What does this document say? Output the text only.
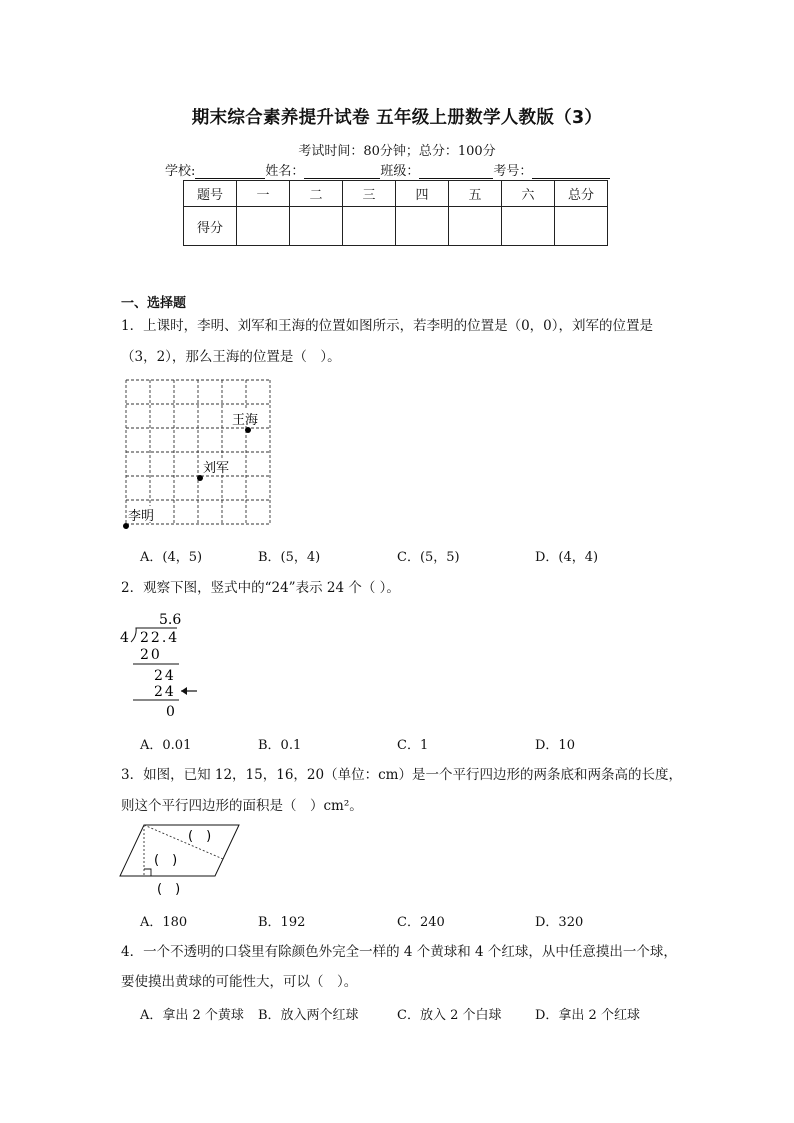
期末综合素养提升试卷 五年级上册数学人教版（3）
考试时间：80分钟；总分：100分
学校:	姓名：	班级：	考号：
题号	一	二	三	四	五	六	总分
得分							
一、选择题
1．上课时，李明、刘军和王海的位置如图所示，若李明的位置是（0，0），刘军的位置是
（3，2），那么王海的位置是（　）。
李明
刘军
王海
A．(4，5)	B．(5，4)	C．(5，5)	D．(4，4)
2．观察下图，竖式中的“24”表示 24 个（ ）。
5.6
4 22.4
20
24
24
0
A．0.01	B．0.1	C．1	D．10
3．如图，已知 12，15，16，20（单位：cm）是一个平行四边形的两条底和两条高的长度，
则这个平行四边形的面积是（　）cm²。
(　)
(　)
(　)
A．180	B．192	C．240	D．320
4．一个不透明的口袋里有除颜色外完全一样的 4 个黄球和 4 个红球，从中任意摸出一个球，
要使摸出黄球的可能性大，可以（　）。
A．拿出 2 个黄球 B．放入两个红球	C．放入 2 个白球	D．拿出 2 个红球
